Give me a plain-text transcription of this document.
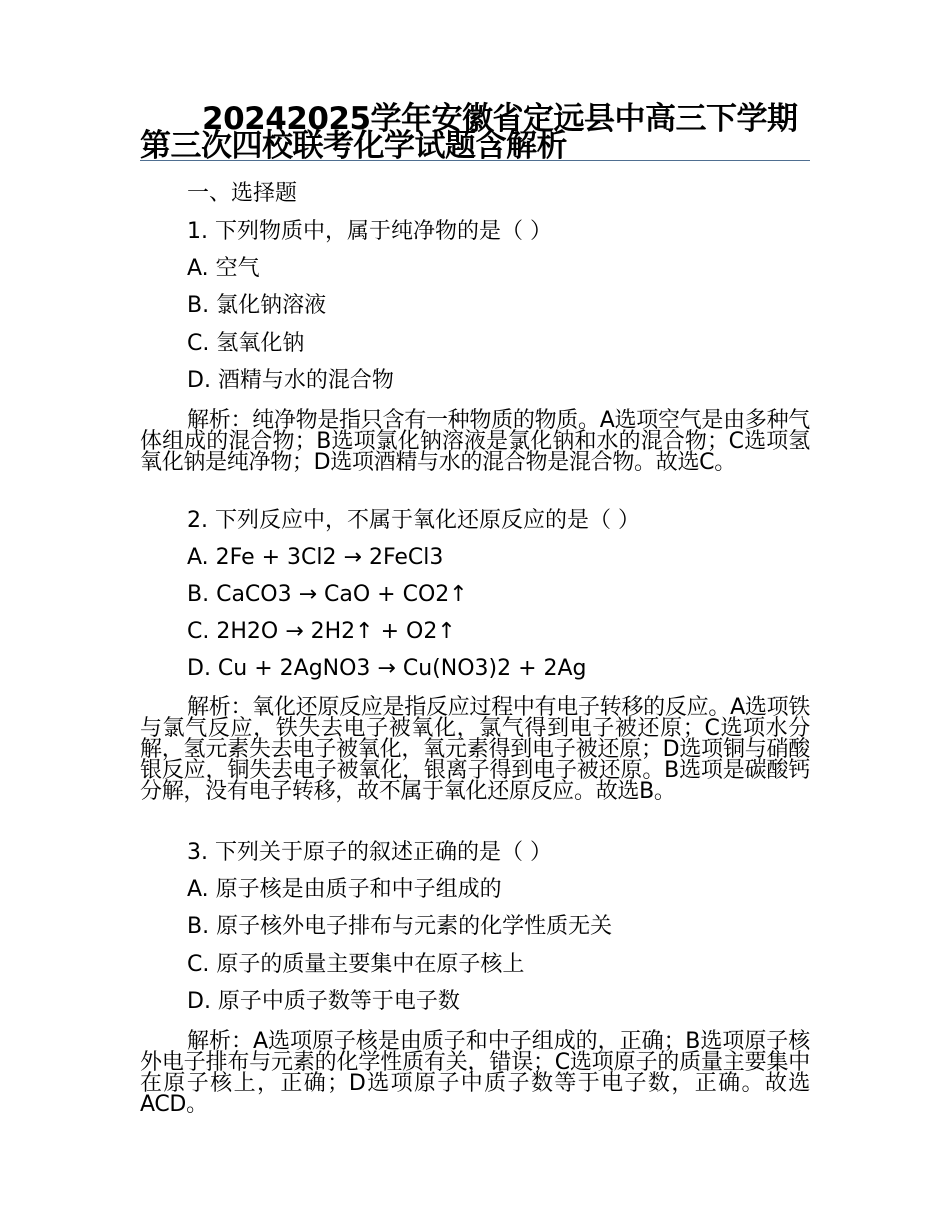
20242025学年安徽省定远县中高三下学期第三次四校联考化学试题含解析

一、选择题

1. 下列物质中，属于纯净物的是（ ）

A. 空气

B. 氯化钠溶液

C. 氢氧化钠

D. 酒精与水的混合物

解析：纯净物是指只含有一种物质的物质。A选项空气是由多种气体组成的混合物；B选项氯化钠溶液是氯化钠和水的混合物；C选项氢氧化钠是纯净物；D选项酒精与水的混合物是混合物。故选C。

2. 下列反应中，不属于氧化还原反应的是（ ）

A. 2Fe + 3Cl2 → 2FeCl3

B. CaCO3 → CaO + CO2↑

C. 2H2O → 2H2↑ + O2↑

D. Cu + 2AgNO3 → Cu(NO3)2 + 2Ag

解析：氧化还原反应是指反应过程中有电子转移的反应。A选项铁与氯气反应，铁失去电子被氧化，氯气得到电子被还原；C选项水分解，氢元素失去电子被氧化，氧元素得到电子被还原；D选项铜与硝酸银反应，铜失去电子被氧化，银离子得到电子被还原。B选项是碳酸钙分解，没有电子转移，故不属于氧化还原反应。故选B。

3. 下列关于原子的叙述正确的是（ ）

A. 原子核是由质子和中子组成的

B. 原子核外电子排布与元素的化学性质无关

C. 原子的质量主要集中在原子核上

D. 原子中质子数等于电子数

解析：A选项原子核是由质子和中子组成的，正确；B选项原子核外电子排布与元素的化学性质有关，错误；C选项原子的质量主要集中在原子核上，正确；D选项原子中质子数等于电子数，正确。故选ACD。
